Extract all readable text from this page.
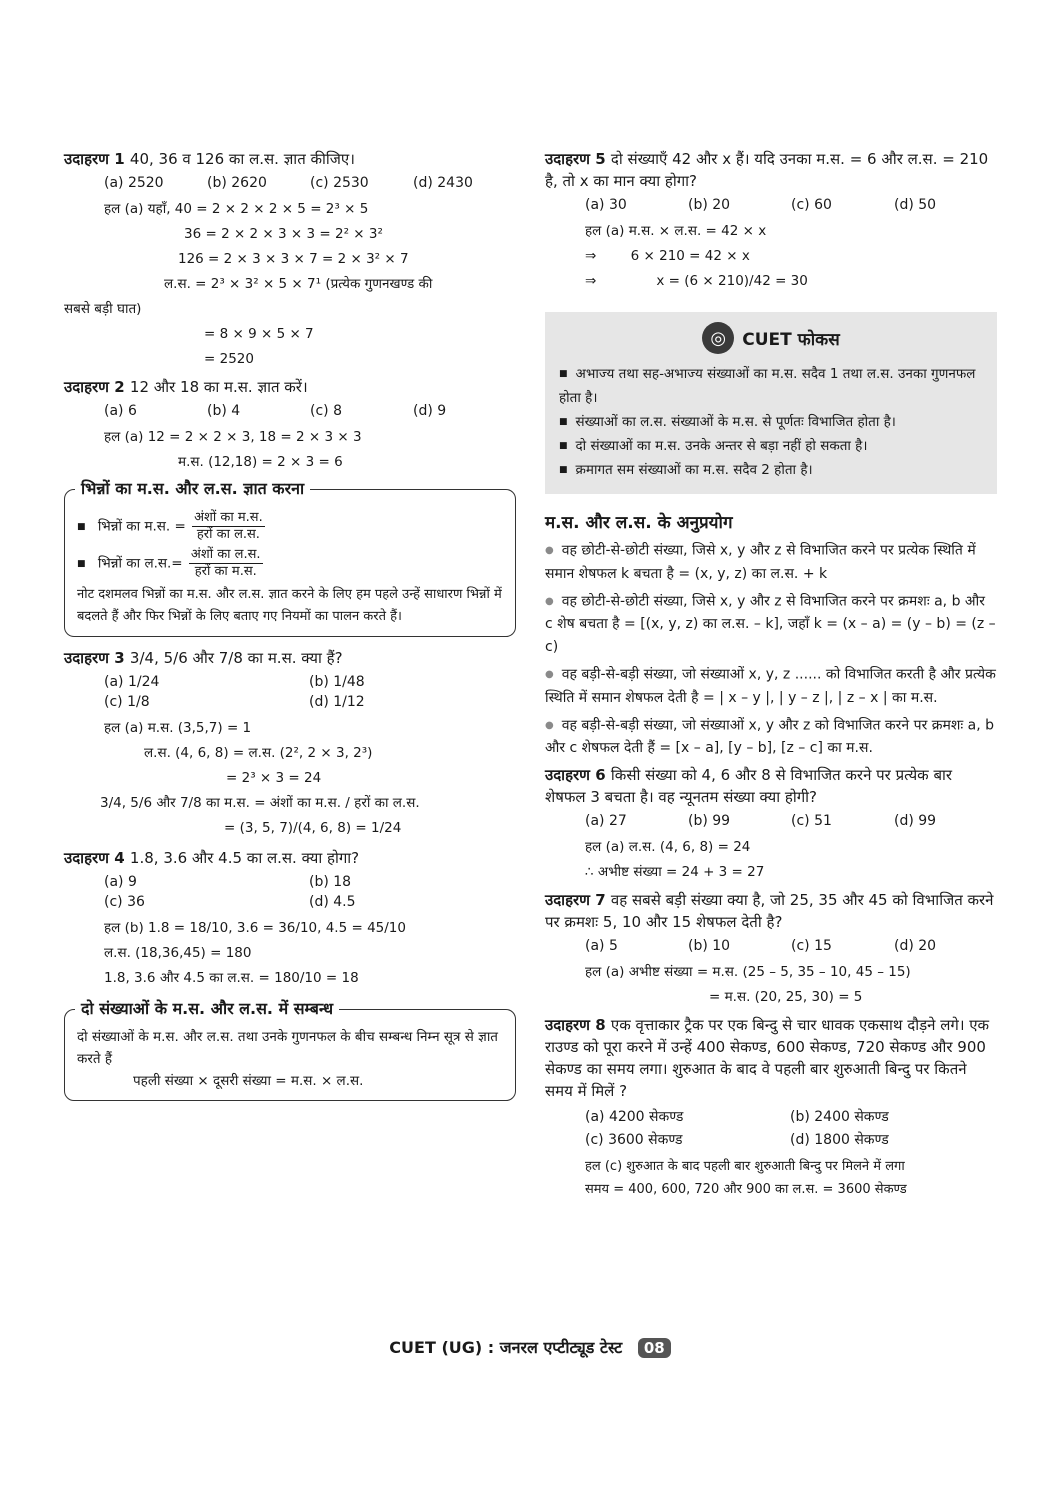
उदाहरण 1 40, 36 व 126 का ल.स. ज्ञात कीजिए।
(a) 2520	(b) 2620	(c) 2530	(d) 2430
हल (a) यहाँ, 40 = 2 × 2 × 2 × 5 = 2³ × 5
36 = 2 × 2 × 3 × 3 = 2² × 3²
126 = 2 × 3 × 3 × 7 = 2 × 3² × 7
ल.स. = 2³ × 3² × 5 × 7¹ (प्रत्येक गुणनखण्ड की
सबसे बड़ी घात)
= 8 × 9 × 5 × 7
= 2520
उदाहरण 2 12 और 18 का म.स. ज्ञात करें।
(a) 6	(b) 4	(c) 8	(d) 9
हल (a) 12 = 2 × 2 × 3, 18 = 2 × 3 × 3
म.स. (12,18) = 2 × 3 = 6
भिन्नों का म.स. और ल.स. ज्ञात करना
■ भिन्नों का म.स. = $\frac{\text{अंशों का म.स.}}{\text{हरों का ल.स.}}$
■ भिन्नों का ल.स.= $\frac{\text{अंशों का ल.स.}}{\text{हरों का म.स.}}$
नोट दशमलव भिन्नों का म.स. और ल.स. ज्ञात करने के लिए हम पहले उन्हें साधारण भिन्नों में बदलते हैं और फिर भिन्नों के लिए बताए गए नियमों का पालन करते हैं।
उदाहरण 3 3/4, 5/6 और 7/8 का म.स. क्या हैं?
(a) 1/24	(b) 1/48
(c) 1/8	(d) 1/12
हल (a) म.स. (3,5,7) = 1
ल.स. (4, 6, 8) = ल.स. (2², 2 × 3, 2³)
= 2³ × 3 = 24
3/4, 5/6 और 7/8 का म.स. = अंशों का म.स. / हरों का ल.स.
= (3, 5, 7)/(4, 6, 8) = 1/24
उदाहरण 4 1.8, 3.6 और 4.5 का ल.स. क्या होगा?
(a) 9	(b) 18
(c) 36	(d) 4.5
हल (b) 1.8 = 18/10, 3.6 = 36/10, 4.5 = 45/10
ल.स. (18,36,45) = 180
1.8, 3.6 और 4.5 का ल.स. = 180/10 = 18
दो संख्याओं के म.स. और ल.स. में सम्बन्ध
दो संख्याओं के म.स. और ल.स. तथा उनके गुणनफल के बीच सम्बन्ध निम्न सूत्र से ज्ञात करते हैं
पहली संख्या × दूसरी संख्या = म.स. × ल.स.
उदाहरण 5 दो संख्याएँ 42 और x हैं। यदि उनका म.स. = 6 और ल.स. = 210 है, तो x का मान क्या होगा?
(a) 30	(b) 20	(c) 60	(d) 50
हल (a) म.स. × ल.स. = 42 × x
⇒        6 × 210 = 42 × x
⇒              x = (6 × 210)/42 = 30
◎ CUET फोकस
■ अभाज्य तथा सह-अभाज्य संख्याओं का म.स. सदैव 1 तथा ल.स. उनका गुणनफल होता है।
■ संख्याओं का ल.स. संख्याओं के म.स. से पूर्णतः विभाजित होता है।
■ दो संख्याओं का म.स. उनके अन्तर से बड़ा नहीं हो सकता है।
■ क्रमागत सम संख्याओं का म.स. सदैव 2 होता है।
म.स. और ल.स. के अनुप्रयोग
● वह छोटी-से-छोटी संख्या, जिसे x, y और z से विभाजित करने पर प्रत्येक स्थिति में समान शेषफल k बचता है = (x, y, z) का ल.स. + k
● वह छोटी-से-छोटी संख्या, जिसे x, y और z से विभाजित करने पर क्रमशः a, b और c शेष बचता है = [(x, y, z) का ल.स. – k], जहाँ k = (x – a) = (y – b) = (z – c)
● वह बड़ी-से-बड़ी संख्या, जो संख्याओं x, y, z ...... को विभाजित करती है और प्रत्येक स्थिति में समान शेषफल देती है = | x – y |, | y – z |, | z – x | का म.स.
● वह बड़ी-से-बड़ी संख्या, जो संख्याओं x, y और z को विभाजित करने पर क्रमशः a, b और c शेषफल देती हैं = [x – a], [y – b], [z – c] का म.स.
उदाहरण 6 किसी संख्या को 4, 6 और 8 से विभाजित करने पर प्रत्येक बार शेषफल 3 बचता है। वह न्यूनतम संख्या क्या होगी?
(a) 27	(b) 99	(c) 51	(d) 99
हल (a) ल.स. (4, 6, 8) = 24
∴ अभीष्ट संख्या = 24 + 3 = 27
उदाहरण 7 वह सबसे बड़ी संख्या क्या है, जो 25, 35 और 45 को विभाजित करने पर क्रमशः 5, 10 और 15 शेषफल देती है?
(a) 5	(b) 10	(c) 15	(d) 20
हल (a) अभीष्ट संख्या = म.स. (25 – 5, 35 – 10, 45 – 15)
= म.स. (20, 25, 30) = 5
उदाहरण 8 एक वृत्ताकार ट्रैक पर एक बिन्दु से चार धावक एकसाथ दौड़ने लगे। एक राउण्ड को पूरा करने में उन्हें 400 सेकण्ड, 600 सेकण्ड, 720 सेकण्ड और 900 सेकण्ड का समय लगा। शुरुआत के बाद वे पहली बार शुरुआती बिन्दु पर कितने समय में मिलें ?
(a) 4200 सेकण्ड	(b) 2400 सेकण्ड
(c) 3600 सेकण्ड	(d) 1800 सेकण्ड
हल (c) शुरुआत के बाद पहली बार शुरुआती बिन्दु पर मिलने में लगा
समय = 400, 600, 720 और 900 का ल.स. = 3600 सेकण्ड
CUET (UG) : जनरल एप्टीट्यूड टेस्ट 08
